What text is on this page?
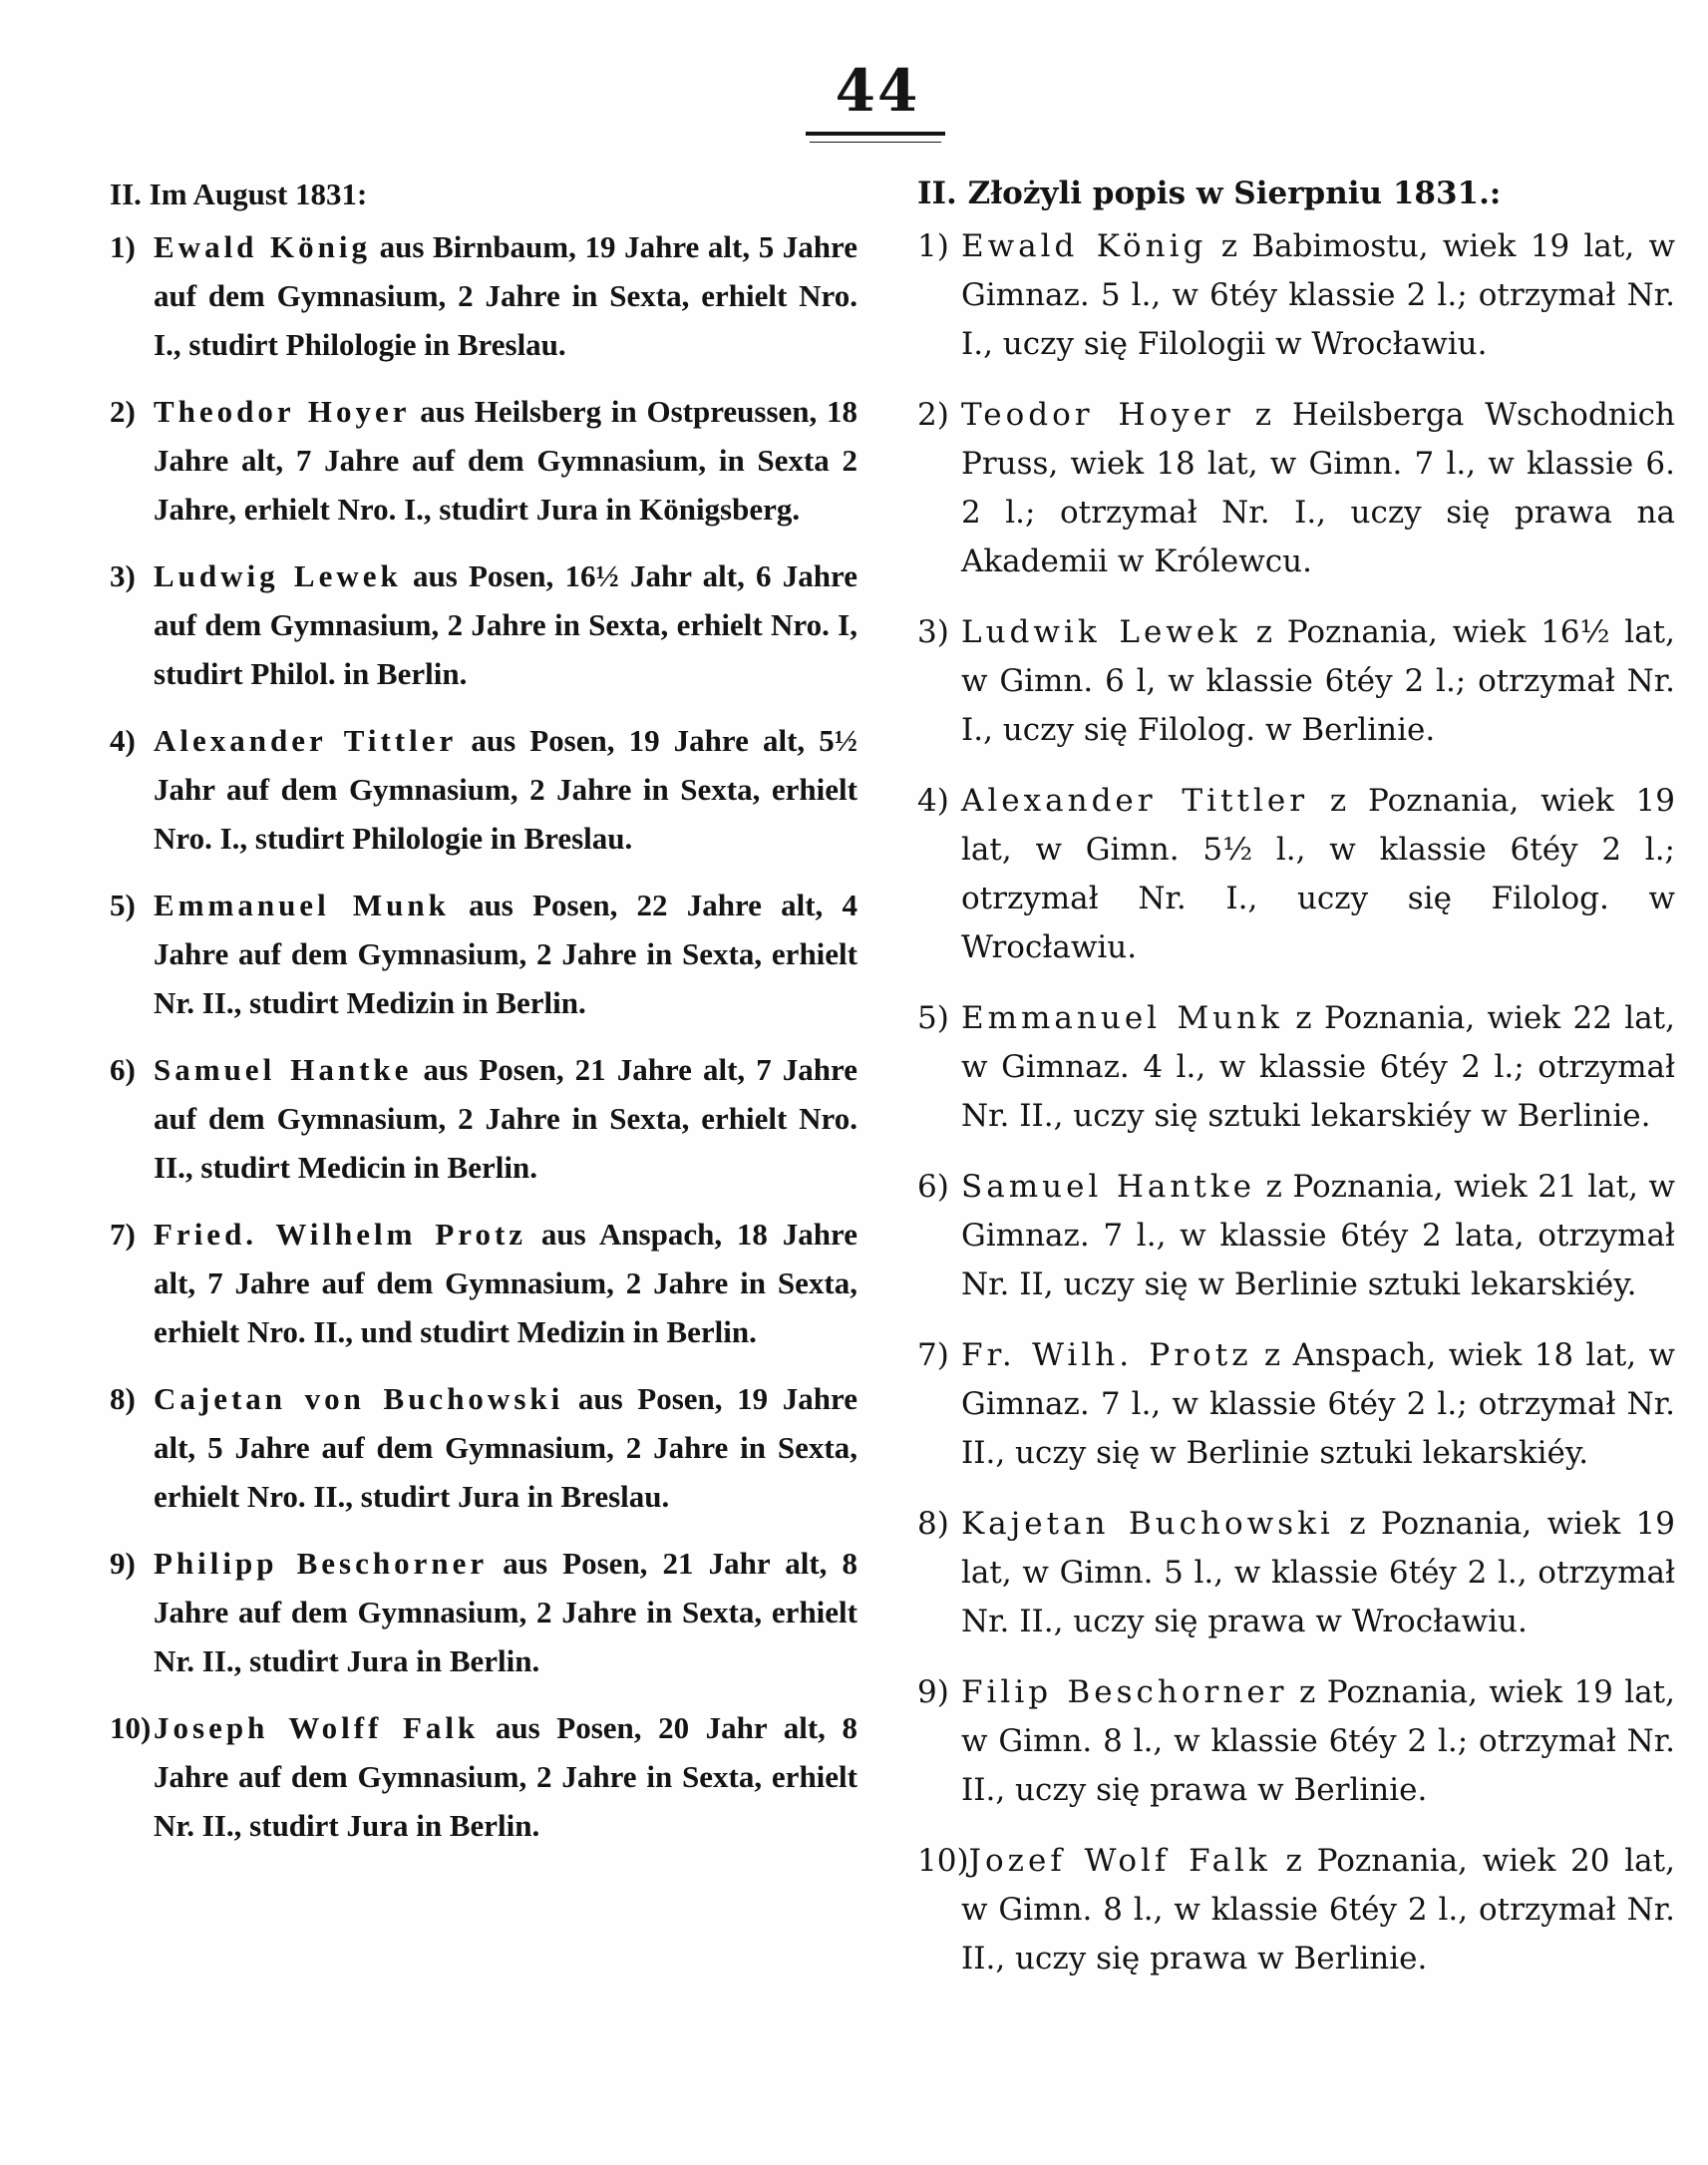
44

II. Im August 1831:

1) Ewald König aus Birnbaum, 19 Jahre alt, 5 Jahre auf dem Gymnasium, 2 Jahre in Sexta, erhielt Nro. I., studirt Philologie in Breslau.

2) Theodor Hoyer aus Heilsberg in Ostpreussen, 18 Jahre alt, 7 Jahre auf dem Gymnasium, in Sexta 2 Jahre, erhielt Nro. I., studirt Jura in Königsberg.

3) Ludwig Lewek aus Posen, 16½ Jahr alt, 6 Jahre auf dem Gymnasium, 2 Jahre in Sexta, erhielt Nro. I, studirt Philol. in Berlin.

4) Alexander Tittler aus Posen, 19 Jahre alt, 5½ Jahr auf dem Gymnasium, 2 Jahre in Sexta, erhielt Nro. I., studirt Philologie in Breslau.

5) Emmanuel Munk aus Posen, 22 Jahre alt, 4 Jahre auf dem Gymnasium, 2 Jahre in Sexta, erhielt Nr. II., studirt Medizin in Berlin.

6) Samuel Hantke aus Posen, 21 Jahre alt, 7 Jahre auf dem Gymnasium, 2 Jahre in Sexta, erhielt Nro. II., studirt Medicin in Berlin.

7) Fried. Wilhelm Protz aus Anspach, 18 Jahre alt, 7 Jahre auf dem Gymnasium, 2 Jahre in Sexta, erhielt Nro. II., und studirt Medizin in Berlin.

8) Cajetan von Buchowski aus Posen, 19 Jahre alt, 5 Jahre auf dem Gymnasium, 2 Jahre in Sexta, erhielt Nro. II., studirt Jura in Breslau.

9) Philipp Beschorner aus Posen, 21 Jahr alt, 8 Jahre auf dem Gymnasium, 2 Jahre in Sexta, erhielt Nr. II., studirt Jura in Berlin.

10)Joseph Wolff Falk aus Posen, 20 Jahr alt, 8 Jahre auf dem Gymnasium, 2 Jahre in Sexta, erhielt Nr. II., studirt Jura in Berlin.

II. Złożyli popis w Sierpniu 1831.:

1) Ewald König z Babimostu, wiek 19 lat, w Gimnaz. 5 l., w 6téy klassie 2 l.; otrzymał Nr. I., uczy się Filologii w Wrocławiu.

2) Teodor Hoyer z Heilsberga Wschodnich Pruss, wiek 18 lat, w Gimn. 7 l., w klassie 6. 2 l.; otrzymał Nr. I., uczy się prawa na Akademii w Królewcu.

3) Ludwik Lewek z Poznania, wiek 16½ lat, w Gimn. 6 l, w klassie 6téy 2 l.; otrzymał Nr. I., uczy się Filolog. w Berlinie.

4) Alexander Tittler z Poznania, wiek 19 lat, w Gimn. 5½ l., w klassie 6téy 2 l.; otrzymał Nr. I., uczy się Filolog. w Wrocławiu.

5) Emmanuel Munk z Poznania, wiek 22 lat, w Gimnaz. 4 l., w klassie 6téy 2 l.; otrzymał Nr. II., uczy się sztuki lekarskiéy w Berlinie.

6) Samuel Hantke z Poznania, wiek 21 lat, w Gimnaz. 7 l., w klassie 6téy 2 lata, otrzymał Nr. II, uczy się w Berlinie sztuki lekarskiéy.

7) Fr. Wilh. Protz z Anspach, wiek 18 lat, w Gimnaz. 7 l., w klassie 6téy 2 l.; otrzymał Nr. II., uczy się w Berlinie sztuki lekarskiéy.

8) Kajetan Buchowski z Poznania, wiek 19 lat, w Gimn. 5 l., w klassie 6téy 2 l., otrzymał Nr. II., uczy się prawa w Wrocławiu.

9) Filip Beschorner z Poznania, wiek 19 lat, w Gimn. 8 l., w klassie 6téy 2 l.; otrzymał Nr. II., uczy się prawa w Berlinie.

10)Jozef Wolf Falk z Poznania, wiek 20 lat, w Gimn. 8 l., w klassie 6téy 2 l., otrzymał Nr. II., uczy się prawa w Berlinie.
